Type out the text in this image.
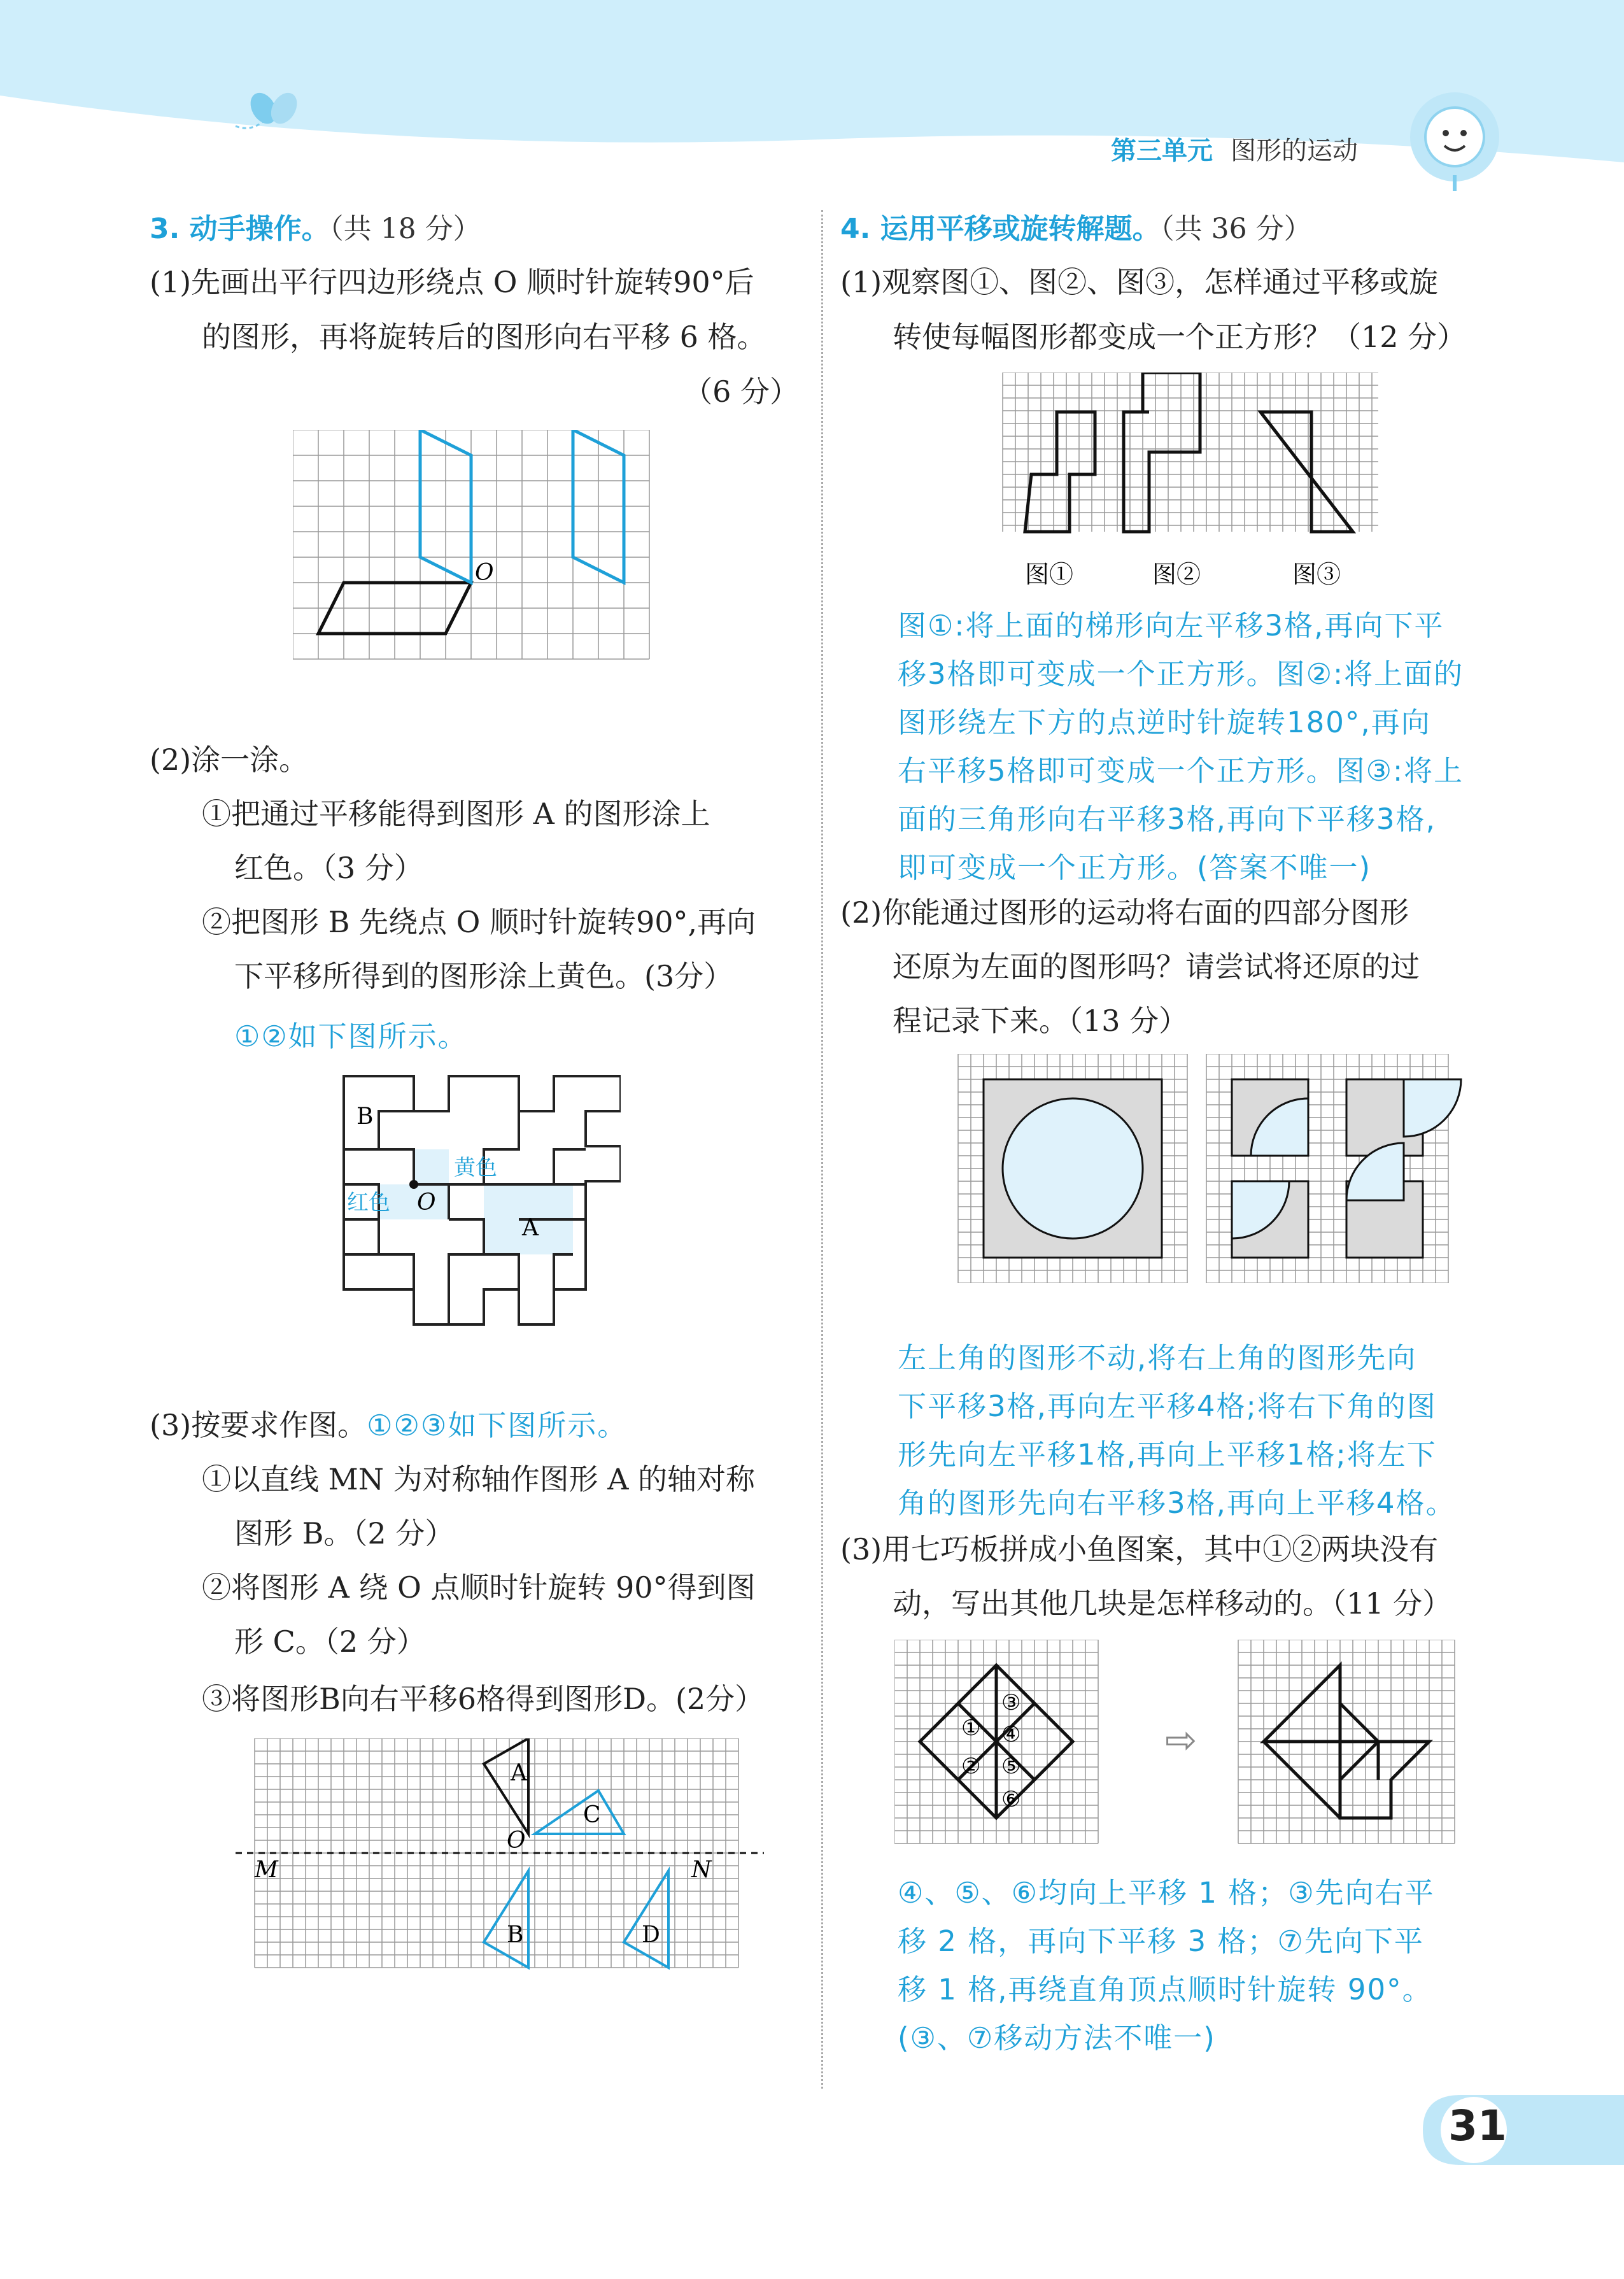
第三单元 图形的运动
3. 动手操作。（共 18 分）
(1)先画出平行四边形绕点 O 顺时针旋转90°后
的图形，再将旋转后的图形向右平移 6 格。
（6 分）
O
(2)涂一涂。
①把通过平移能得到图形 A 的图形涂上
红色。（3 分）
②把图形 B 先绕点 O 顺时针旋转90°,再向
下平移所得到的图形涂上黄色。(3分）
①②如下图所示。
B
O
红色
黄色
A
(3)按要求作图。①②③如下图所示。
①以直线 MN 为对称轴作图形 A 的轴对称
图形 B。（2 分）
②将图形 A 绕 O 点顺时针旋转 90°得到图
形 C。（2 分）
③将图形B向右平移6格得到图形D。(2分）
A
C
O
M	N
B	D
4. 运用平移或旋转解题。（共 36 分）
(1)观察图①、图②、图③，怎样通过平移或旋
转使每幅图形都变成一个正方形？（12 分）
图①	图②	图③
图①:将上面的梯形向左平移3格,再向下平
移3格即可变成一个正方形。图②:将上面的
图形绕左下方的点逆时针旋转180°,再向
右平移5格即可变成一个正方形。图③:将上
面的三角形向右平移3格,再向下平移3格,
即可变成一个正方形。(答案不唯一)
(2)你能通过图形的运动将右面的四部分图形
还原为左面的图形吗？请尝试将还原的过
程记录下来。（13 分）
左上角的图形不动,将右上角的图形先向
下平移3格,再向左平移4格;将右下角的图
形先向左平移1格,再向上平移1格;将左下
角的图形先向右平移3格,再向上平移4格。
(3)用七巧板拼成小鱼图案，其中①②两块没有
动，写出其他几块是怎样移动的。（11 分）
①
②
③
④
⑤
⑥
⇨
④、⑤、⑥均向上平移 1 格；③先向右平
移 2 格，再向下平移 3 格；⑦先向下平
移 1 格,再绕直角顶点顺时针旋转 90°。
(③、⑦移动方法不唯一)
31
